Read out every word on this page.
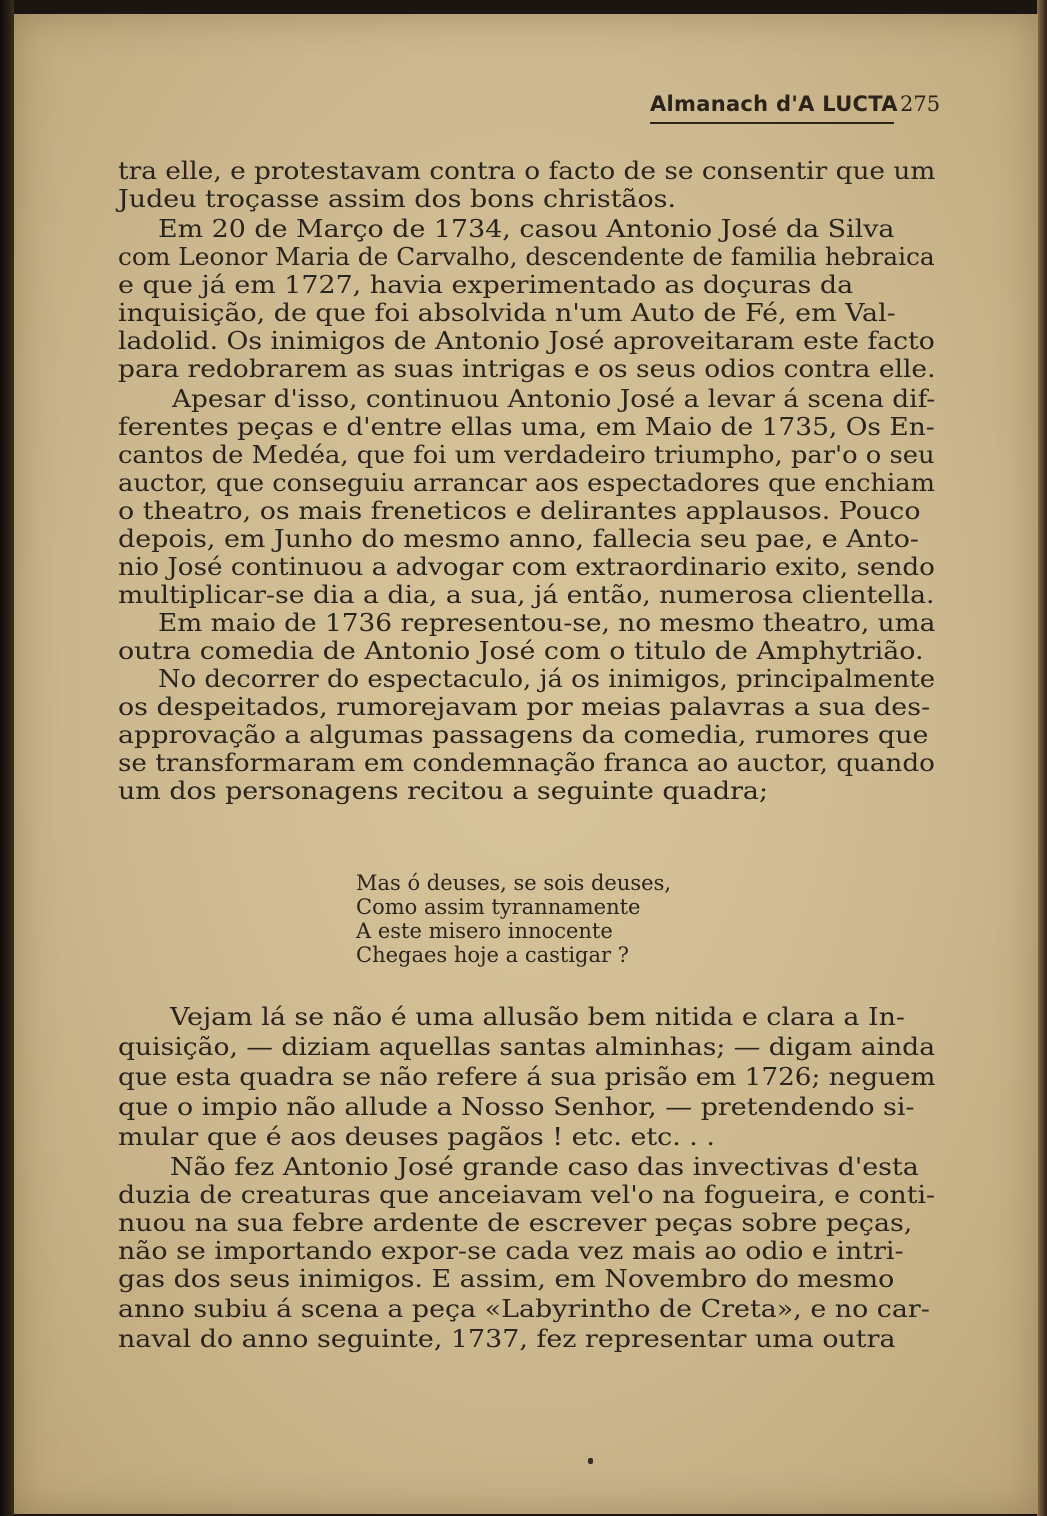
Almanach d'A LUCTA 275
tra elle, e protestavam contra o facto de se consentir que um
Judeu troçasse assim dos bons christãos.
Em 20 de Março de 1734, casou Antonio José da Silva
com Leonor Maria de Carvalho, descendente de familia hebraica
e que já em 1727, havia experimentado as doçuras da
inquisição, de que foi absolvida n'um Auto de Fé, em Val-
ladolid. Os inimigos de Antonio José aproveitaram este facto
para redobrarem as suas intrigas e os seus odios contra elle.
Apesar d'isso, continuou Antonio José a levar á scena dif-
ferentes peças e d'entre ellas uma, em Maio de 1735, Os En-
cantos de Medéa, que foi um verdadeiro triumpho, par'o o seu
auctor, que conseguiu arrancar aos espectadores que enchiam
o theatro, os mais freneticos e delirantes applausos. Pouco
depois, em Junho do mesmo anno, fallecia seu pae, e Anto-
nio José continuou a advogar com extraordinario exito, sendo
multiplicar-se dia a dia, a sua, já então, numerosa clientella.
Em maio de 1736 representou-se, no mesmo theatro, uma
outra comedia de Antonio José com o titulo de Amphytrião.
No decorrer do espectaculo, já os inimigos, principalmente
os despeitados, rumorejavam por meias palavras a sua des-
approvação a algumas passagens da comedia, rumores que
se transformaram em condemnação franca ao auctor, quando
um dos personagens recitou a seguinte quadra;
Mas ó deuses, se sois deuses,
Como assim tyrannamente
A este misero innocente
Chegaes hoje a castigar ?
Vejam lá se não é uma allusão bem nitida e clara a In-
quisição, — diziam aquellas santas alminhas; — digam ainda
que esta quadra se não refere á sua prisão em 1726; neguem
que o impio não allude a Nosso Senhor, — pretendendo si-
mular que é aos deuses pagãos ! etc. etc. . .
Não fez Antonio José grande caso das invectivas d'esta
duzia de creaturas que anceiavam vel'o na fogueira, e conti-
nuou na sua febre ardente de escrever peças sobre peças,
não se importando expor-se cada vez mais ao odio e intri-
gas dos seus inimigos. E assim, em Novembro do mesmo
anno subiu á scena a peça «Labyrintho de Creta», e no car-
naval do anno seguinte, 1737, fez representar uma outra
